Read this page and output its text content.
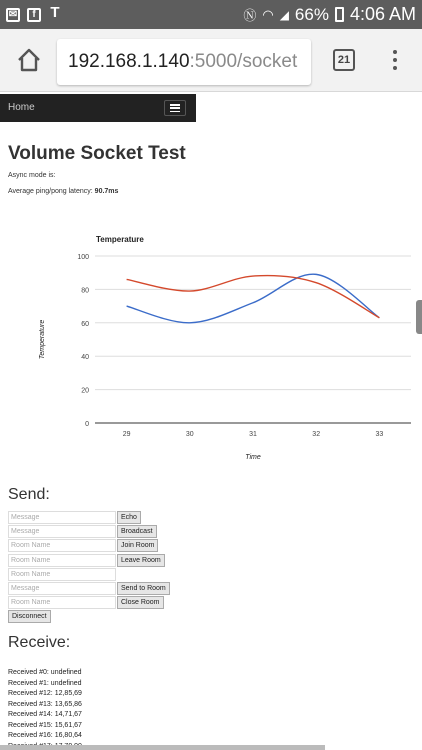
✉	f T	Ⓝ ◠ ◢ 66% 4:06 AM
192.168.1.140:5000/socket	21
Home
Volume Socket Test
Async mode is:
Average ping/pong latency: 90.7ms
Temperature
0
20
40
60
80
100
29	30	31	32	33
Time
Temperature
Send:
Message	Echo
Message	Broadcast
Room Name	Join Room
Room Name	Leave Room
Room Name
Message	Send to Room
Room Name	Close Room
Disconnect
Receive:
Received #0: undefined
Received #1: undefined
Received #12: 12,85,69
Received #13: 13,65,86
Received #14: 14,71,67
Received #15: 15,61,67
Received #16: 16,80,64
